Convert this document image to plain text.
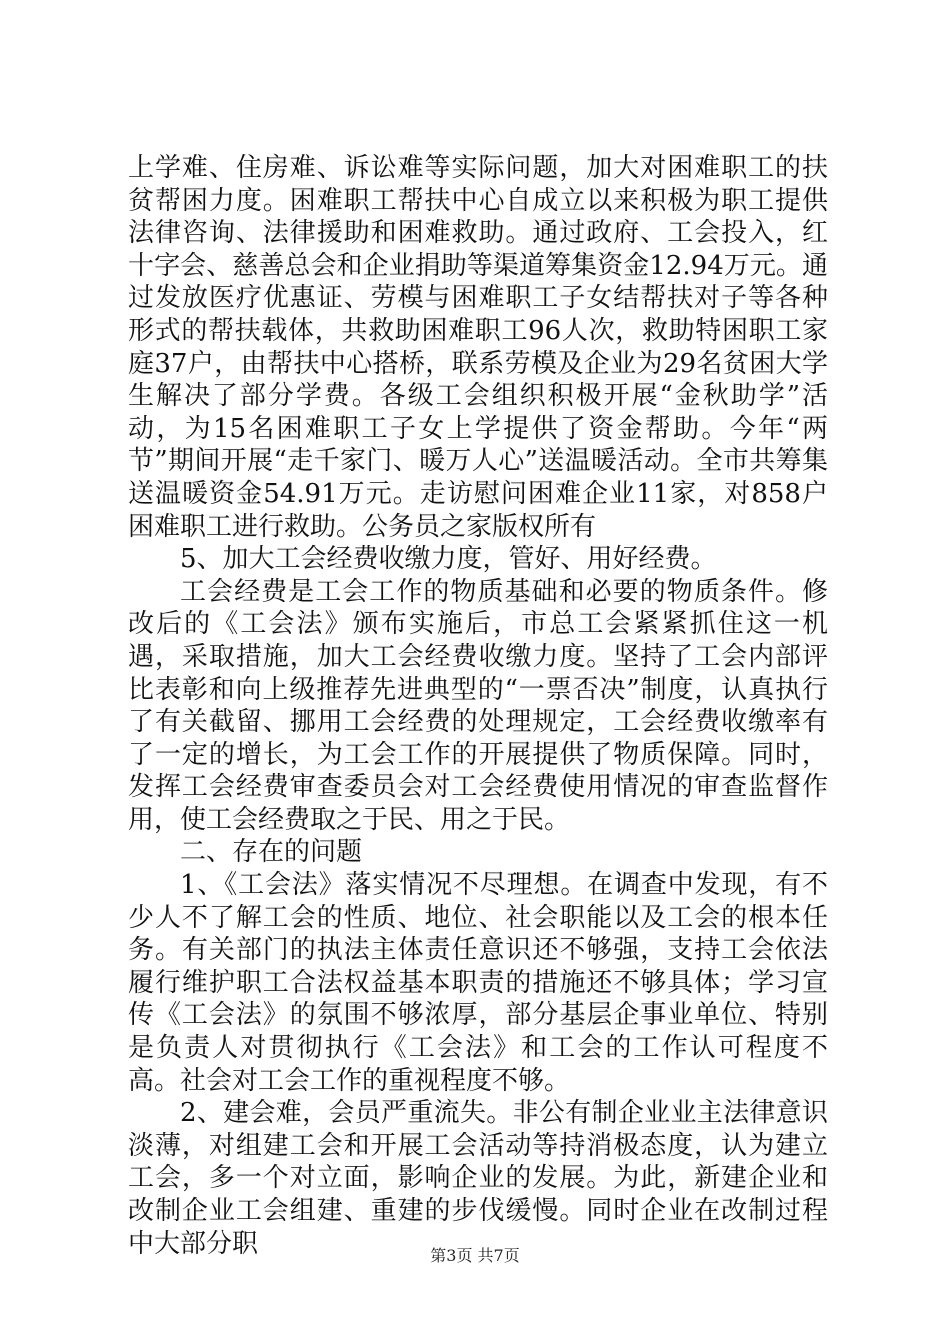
上学难、住房难、诉讼难等实际问题，加大对困难职工的扶贫帮困力度。困难职工帮扶中心自成立以来积极为职工提供法律咨询、法律援助和困难救助。通过政府、工会投入，红十字会、慈善总会和企业捐助等渠道筹集资金12.94万元。通过发放医疗优惠证、劳模与困难职工子女结帮扶对子等各种形式的帮扶载体，共救助困难职工96人次，救助特困职工家庭37户，由帮扶中心搭桥，联系劳模及企业为29名贫困大学生解决了部分学费。各级工会组织积极开展“金秋助学”活动，为15名困难职工子女上学提供了资金帮助。今年“两节”期间开展“走千家门、暖万人心”送温暖活动。全市共筹集送温暖资金54.91万元。走访慰问困难企业11家，对858户困难职工进行救助。公务员之家版权所有

5、加大工会经费收缴力度，管好、用好经费。

工会经费是工会工作的物质基础和必要的物质条件。修改后的《工会法》颁布实施后，市总工会紧紧抓住这一机遇，采取措施，加大工会经费收缴力度。坚持了工会内部评比表彰和向上级推荐先进典型的“一票否决”制度，认真执行了有关截留、挪用工会经费的处理规定，工会经费收缴率有了一定的增长，为工会工作的开展提供了物质保障。同时，发挥工会经费审查委员会对工会经费使用情况的审查监督作用，使工会经费取之于民、用之于民。

二、存在的问题

1、《工会法》落实情况不尽理想。在调查中发现，有不少人不了解工会的性质、地位、社会职能以及工会的根本任务。有关部门的执法主体责任意识还不够强，支持工会依法履行维护职工合法权益基本职责的措施还不够具体；学习宣传《工会法》的氛围不够浓厚，部分基层企事业单位、特别是负责人对贯彻执行《工会法》和工会的工作认可程度不高。社会对工会工作的重视程度不够。

2、建会难，会员严重流失。非公有制企业业主法律意识淡薄，对组建工会和开展工会活动等持消极态度，认为建立工会，多一个对立面，影响企业的发展。为此，新建企业和改制企业工会组建、重建的步伐缓慢。同时企业在改制过程中大部分职	第3页 共7页
